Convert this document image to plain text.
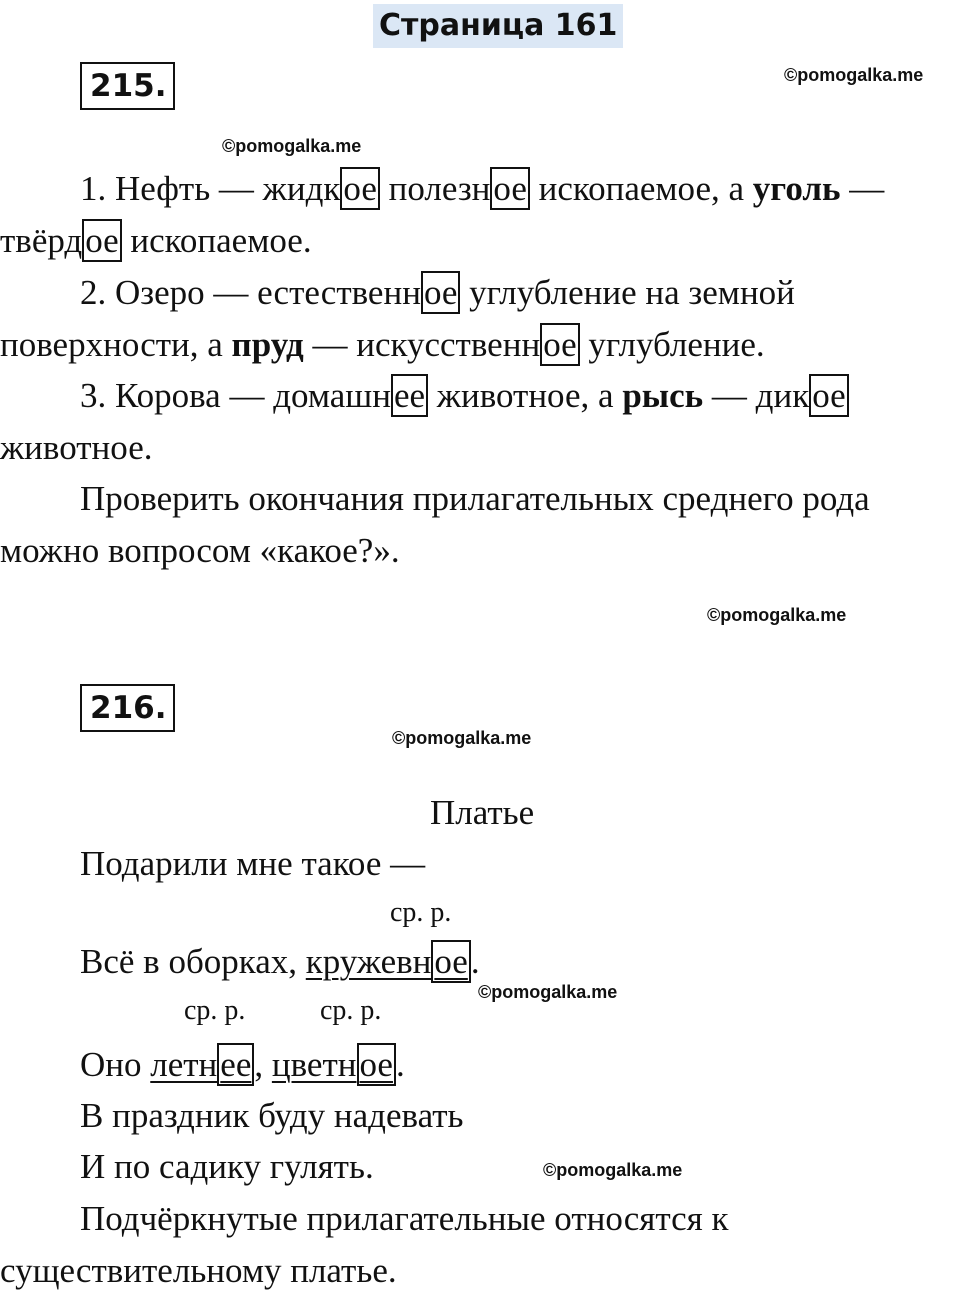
Страница 161
215.	©pomogalka.me
©pomogalka.me
1. Нефть — жидкое полезное ископаемое, а уголь —
твёрдое ископаемое.
2. Озеро — естественное углубление на земной
поверхности, а пруд — искусственное углубление.
3. Корова — домашнее животное, а рысь — дикое
животное.
Проверить окончания прилагательных среднего рода
можно вопросом «какое?».
©pomogalka.me
216.
©pomogalka.me
Платье
Подарили мне такое —
ср. р.
Всё в оборках, кружевное.
©pomogalka.me
ср. р.	ср. р.
Оно летнее, цветное.
В праздник буду надевать
И по садику гулять.	©pomogalka.me
Подчёркнутые прилагательные относятся к
существительному платье.
